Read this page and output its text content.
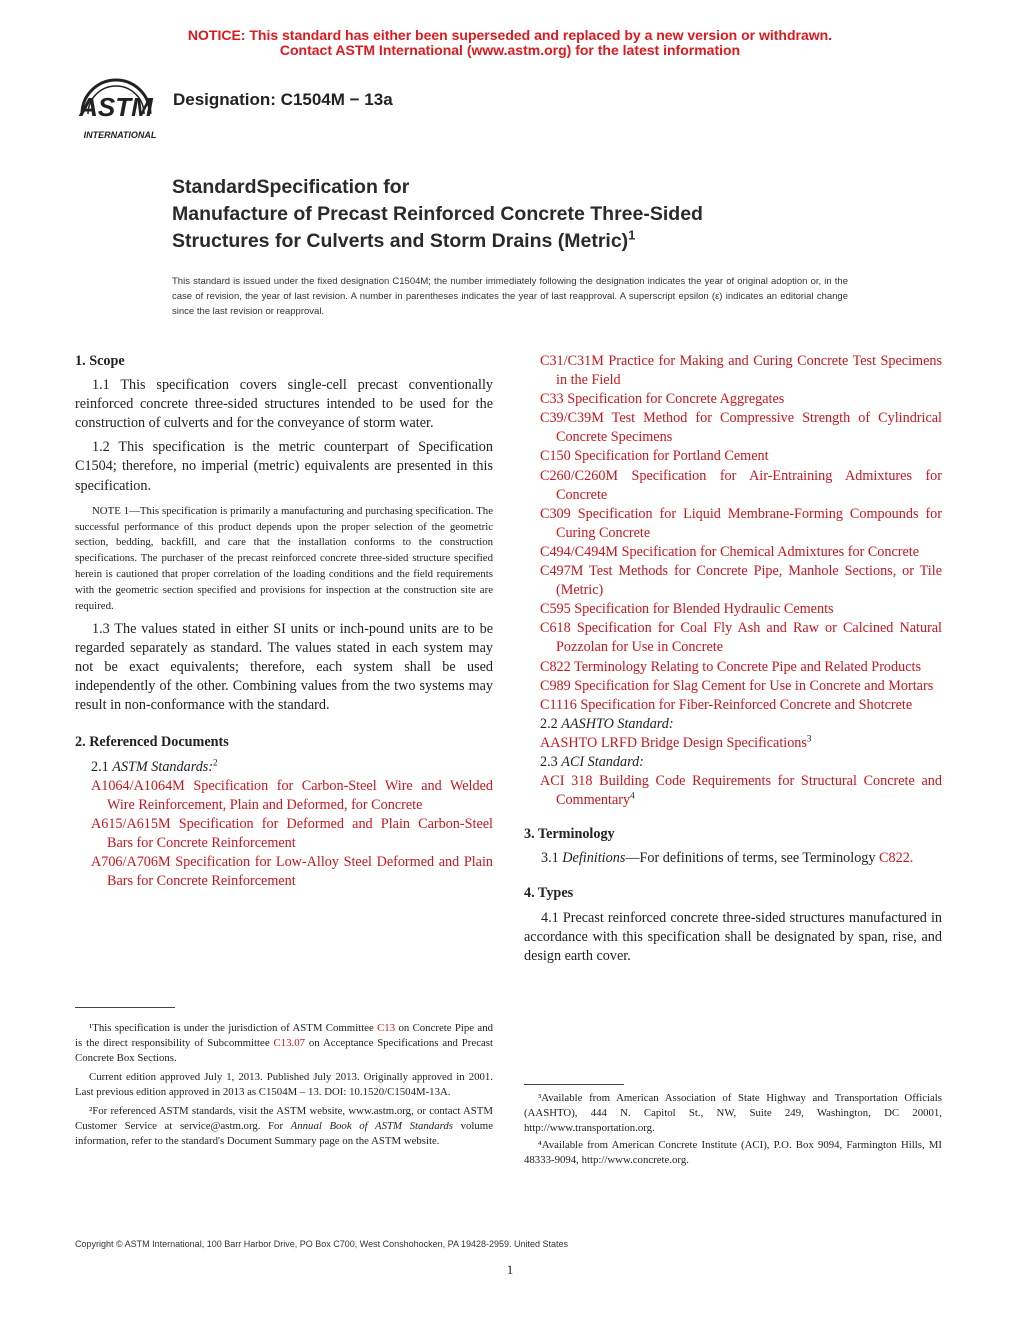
NOTICE: This standard has either been superseded and replaced by a new version or withdrawn.
Contact ASTM International (www.astm.org) for the latest information
ASTM
INTERNATIONAL
Designation: C1504M − 13a
StandardSpecification for
Manufacture of Precast Reinforced Concrete Three-Sided
Structures for Culverts and Storm Drains (Metric)$^1$
This standard is issued under the fixed designation C1504M; the number immediately following the designation indicates the year of original adoption or, in the case of revision, the year of last revision. A number in parentheses indicates the year of last reapproval. A superscript epsilon (ε) indicates an editorial change since the last revision or reapproval.
1. Scope
1.1 This specification covers single-cell precast conventionally reinforced concrete three-sided structures intended to be used for the construction of culverts and for the conveyance of storm water.
1.2 This specification is the metric counterpart of Specification C1504; therefore, no imperial (metric) equivalents are presented in this specification.
NOTE 1—This specification is primarily a manufacturing and purchasing specification. The successful performance of this product depends upon the proper selection of the geometric section, bedding, backfill, and care that the installation conforms to the construction specifications. The purchaser of the precast reinforced concrete three-sided structure specified herein is cautioned that proper correlation of the loading conditions and the field requirements with the geometric section specified and provisions for inspection at the construction site are required.
1.3 The values stated in either SI units or inch-pound units are to be regarded separately as standard. The values stated in each system may not be exact equivalents; therefore, each system shall be used independently of the other. Combining values from the two systems may result in non-conformance with the standard.
2. Referenced Documents
2.1 ASTM Standards:$^2$
A1064/A1064M Specification for Carbon-Steel Wire and Welded Wire Reinforcement, Plain and Deformed, for Concrete
A615/A615M Specification for Deformed and Plain Carbon-Steel Bars for Concrete Reinforcement
A706/A706M Specification for Low-Alloy Steel Deformed and Plain Bars for Concrete Reinforcement
¹This specification is under the jurisdiction of ASTM Committee C13 on Concrete Pipe and is the direct responsibility of Subcommittee C13.07 on Acceptance Specifications and Precast Concrete Box Sections.
Current edition approved July 1, 2013. Published July 2013. Originally approved in 2001. Last previous edition approved in 2013 as C1504M – 13. DOI: 10.1520/C1504M-13A.
²For referenced ASTM standards, visit the ASTM website, www.astm.org, or contact ASTM Customer Service at service@astm.org. For Annual Book of ASTM Standards volume information, refer to the standard's Document Summary page on the ASTM website.
C31/C31M Practice for Making and Curing Concrete Test Specimens in the Field
C33 Specification for Concrete Aggregates
C39/C39M Test Method for Compressive Strength of Cylindrical Concrete Specimens
C150 Specification for Portland Cement
C260/C260M Specification for Air-Entraining Admixtures for Concrete
C309 Specification for Liquid Membrane-Forming Compounds for Curing Concrete
C494/C494M Specification for Chemical Admixtures for Concrete
C497M Test Methods for Concrete Pipe, Manhole Sections, or Tile (Metric)
C595 Specification for Blended Hydraulic Cements
C618 Specification for Coal Fly Ash and Raw or Calcined Natural Pozzolan for Use in Concrete
C822 Terminology Relating to Concrete Pipe and Related Products
C989 Specification for Slag Cement for Use in Concrete and Mortars
C1116 Specification for Fiber-Reinforced Concrete and Shotcrete
2.2 AASHTO Standard:
AASHTO LRFD Bridge Design Specifications$^3$
2.3 ACI Standard:
ACI 318 Building Code Requirements for Structural Concrete and Commentary$^4$
3. Terminology
3.1 Definitions—For definitions of terms, see Terminology C822.
4. Types
4.1 Precast reinforced concrete three-sided structures manufactured in accordance with this specification shall be designated by span, rise, and design earth cover.
³Available from American Association of State Highway and Transportation Officials (AASHTO), 444 N. Capitol St., NW, Suite 249, Washington, DC 20001, http://www.transportation.org.
⁴Available from American Concrete Institute (ACI), P.O. Box 9094, Farmington Hills, MI 48333-9094, http://www.concrete.org.
Copyright © ASTM International, 100 Barr Harbor Drive, PO Box C700, West Conshohocken, PA 19428-2959. United States
1
